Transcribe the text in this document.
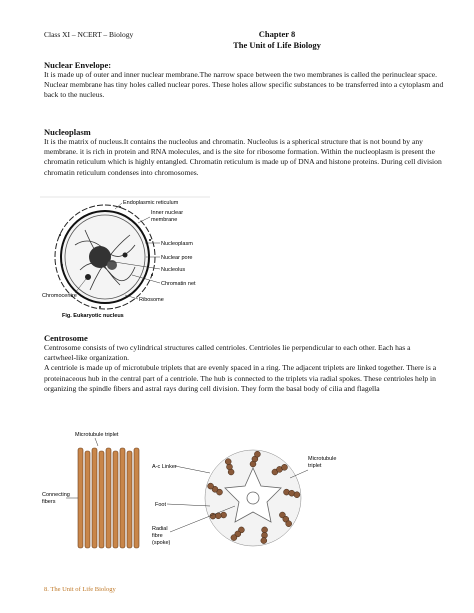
Class XI – NCERT – Biology	Chapter 8
The Unit of Life Biology
Nuclear Envelope:

It is made up of outer and inner nuclear membrane.The narrow space between the two membranes is called the perinuclear space. Nuclear membrane has tiny holes called nuclear pores. These holes allow specific substances to be transferred into a cytoplasm and back to the nucleus.

Nucleoplasm

It is the matrix of nucleus.It contains the nucleolus and chromatin. Nucleolus is a spherical structure that is not bound by any membrane. it is rich in protein and RNA molecules, and is the site for ribosome formation. Within the nucleoplasm is present the chromatin reticulum which is highly entangled. Chromatin reticulum is made up of DNA and histone proteins. During cell division chromatin reticulum condenses into chromosomes.

Endoplasmic reticulum
Inner nuclear
membrane
Nucleoplasm
Nuclear pore
Nucleolus
Chromatin net
Chromocentre
Ribosome
Fig. Eukaryotic nucleus
Centrosome

Centrosome consists of two cylindrical structures called centrioles. Centrioles lie perpendicular to each other. Each has a cartwheel-like organization.

A centriole is made up of microtubule triplets that are evenly spaced in a ring. The adjacent triplets are linked together. There is a proteinaceous hub in the central part of a centriole. The hub is connected to the triplets via radial spokes. These centrioles help in organizing the spindle fibers and astral rays during cell division. They form the basal body of cilia and flagella

Microtubule triplet
Connecting
fibers
A-c Linker
Foot
Radial
fibre
(spoke)
Microtubule
triplet
8. The Unit of Life Biology
